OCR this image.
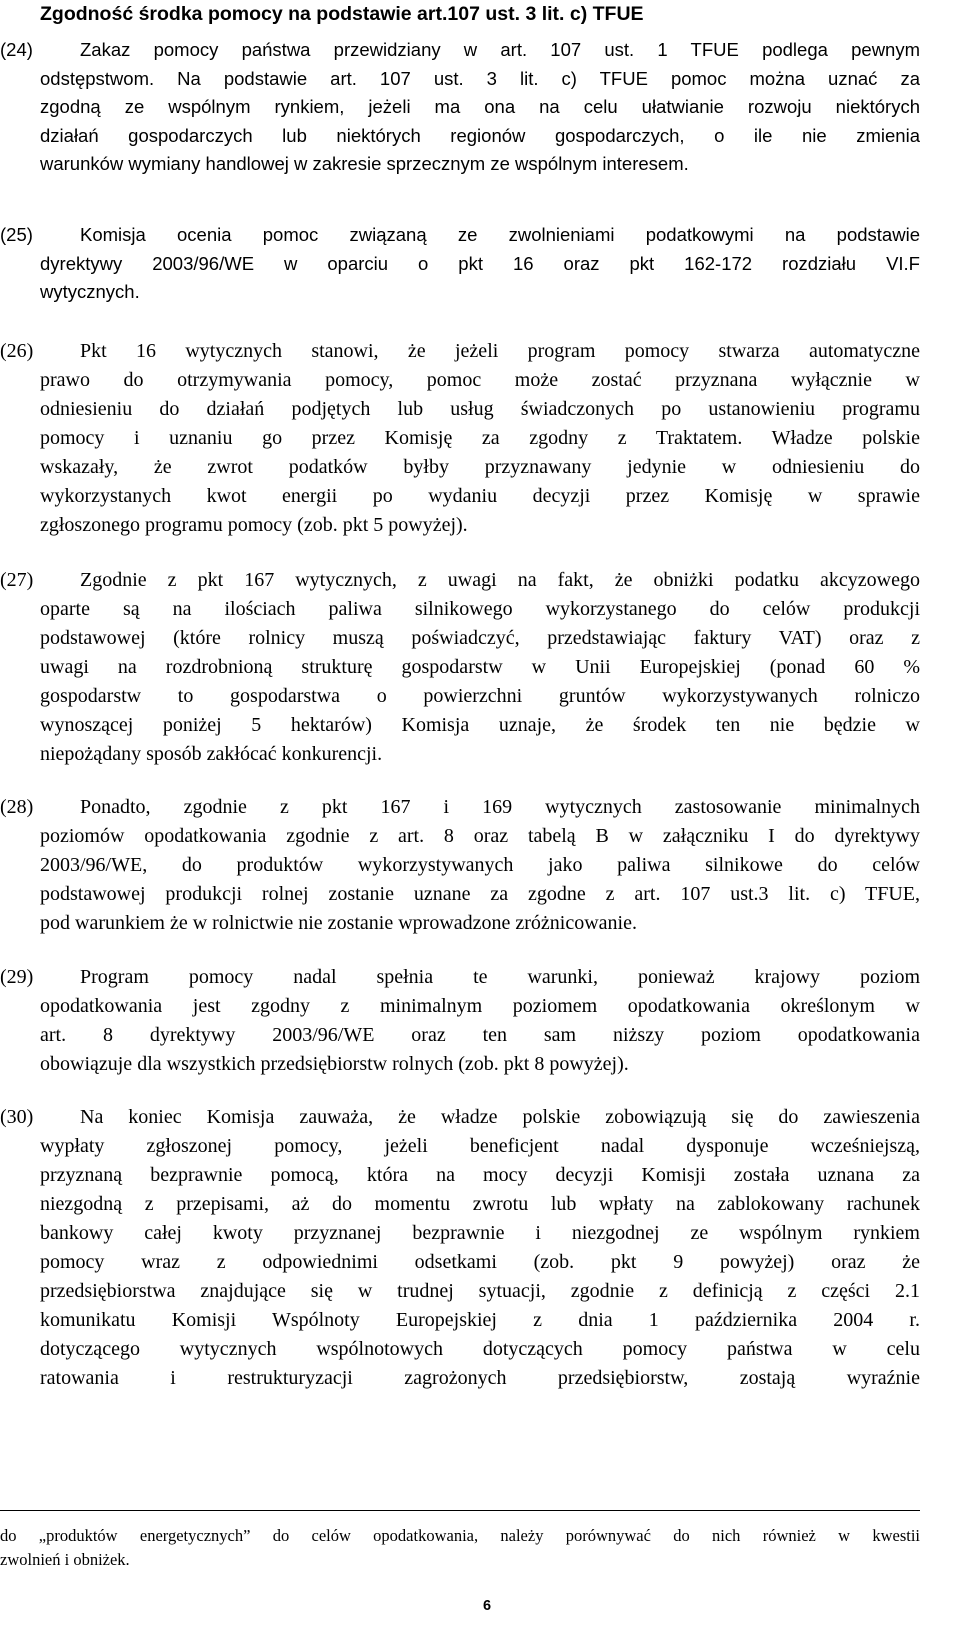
Zgodność środka pomocy na podstawie art.107 ust. 3 lit. c) TFUE
(24)	Zakaz pomocy państwa przewidziany w art. 107 ust. 1 TFUE podlega pewnym
odstępstwom. Na podstawie art. 107 ust. 3 lit. c) TFUE pomoc można uznać za
zgodną ze wspólnym rynkiem, jeżeli ma ona na celu ułatwianie rozwoju niektórych
działań gospodarczych lub niektórych regionów gospodarczych, o ile nie zmienia
warunków wymiany handlowej w zakresie sprzecznym ze wspólnym interesem.
(25)	Komisja ocenia pomoc związaną ze zwolnieniami podatkowymi na podstawie
dyrektywy 2003/96/WE w oparciu o pkt 16 oraz pkt 162-172 rozdziału VI.F
wytycznych.
(26) Pkt 16 wytycznych stanowi, że jeżeli program pomocy stwarza automatyczne
prawo do otrzymywania pomocy, pomoc może zostać przyznana wyłącznie w
odniesieniu do działań podjętych lub usług świadczonych po ustanowieniu programu
pomocy i uznaniu go przez Komisję za zgodny z Traktatem. Władze polskie
wskazały, że zwrot podatków byłby przyznawany jedynie w odniesieniu do
wykorzystanych kwot energii po wydaniu decyzji przez Komisję w sprawie
zgłoszonego programu pomocy (zob. pkt 5 powyżej).
(27) Zgodnie z pkt 167 wytycznych, z uwagi na fakt, że obniżki podatku akcyzowego
oparte są na ilościach paliwa silnikowego wykorzystanego do celów produkcji
podstawowej (które rolnicy muszą poświadczyć, przedstawiając faktury VAT) oraz z
uwagi na rozdrobnioną strukturę gospodarstw w Unii Europejskiej (ponad 60 %
gospodarstw to gospodarstwa o powierzchni gruntów wykorzystywanych rolniczo
wynoszącej poniżej 5 hektarów) Komisja uznaje, że środek ten nie będzie w
niepożądany sposób zakłócać konkurencji.
(28) Ponadto, zgodnie z pkt 167 i 169 wytycznych zastosowanie minimalnych
poziomów opodatkowania zgodnie z art. 8 oraz tabelą B w załączniku I do dyrektywy
2003/96/WE, do produktów wykorzystywanych jako paliwa silnikowe do celów
podstawowej produkcji rolnej zostanie uznane za zgodne z art. 107 ust.3 lit. c) TFUE,
pod warunkiem że w rolnictwie nie zostanie wprowadzone zróżnicowanie.
(29) Program pomocy nadal spełnia te warunki, ponieważ krajowy poziom
opodatkowania jest zgodny z minimalnym poziomem opodatkowania określonym w
art. 8 dyrektywy 2003/96/WE oraz ten sam niższy poziom opodatkowania
obowiązuje dla wszystkich przedsiębiorstw rolnych (zob. pkt 8 powyżej).
(30) Na koniec Komisja zauważa, że władze polskie zobowiązują się do zawieszenia
wypłaty zgłoszonej pomocy, jeżeli beneficjent nadal dysponuje wcześniejszą,
przyznaną bezprawnie pomocą, która na mocy decyzji Komisji została uznana za
niezgodną z przepisami, aż do momentu zwrotu lub wpłaty na zablokowany rachunek
bankowy całej kwoty przyznanej bezprawnie i niezgodnej ze wspólnym rynkiem
pomocy wraz z odpowiednimi odsetkami (zob. pkt 9 powyżej) oraz że
przedsiębiorstwa znajdujące się w trudnej sytuacji, zgodnie z definicją z części 2.1
komunikatu Komisji Wspólnoty Europejskiej z dnia 1 października 2004 r.
dotyczącego wytycznych wspólnotowych dotyczących pomocy państwa w celu
ratowania i restrukturyzacji zagrożonych przedsiębiorstw, zostają wyraźnie
do „produktów energetycznych” do celów opodatkowania, należy porównywać do nich również w kwestii
zwolnień i obniżek.
6
